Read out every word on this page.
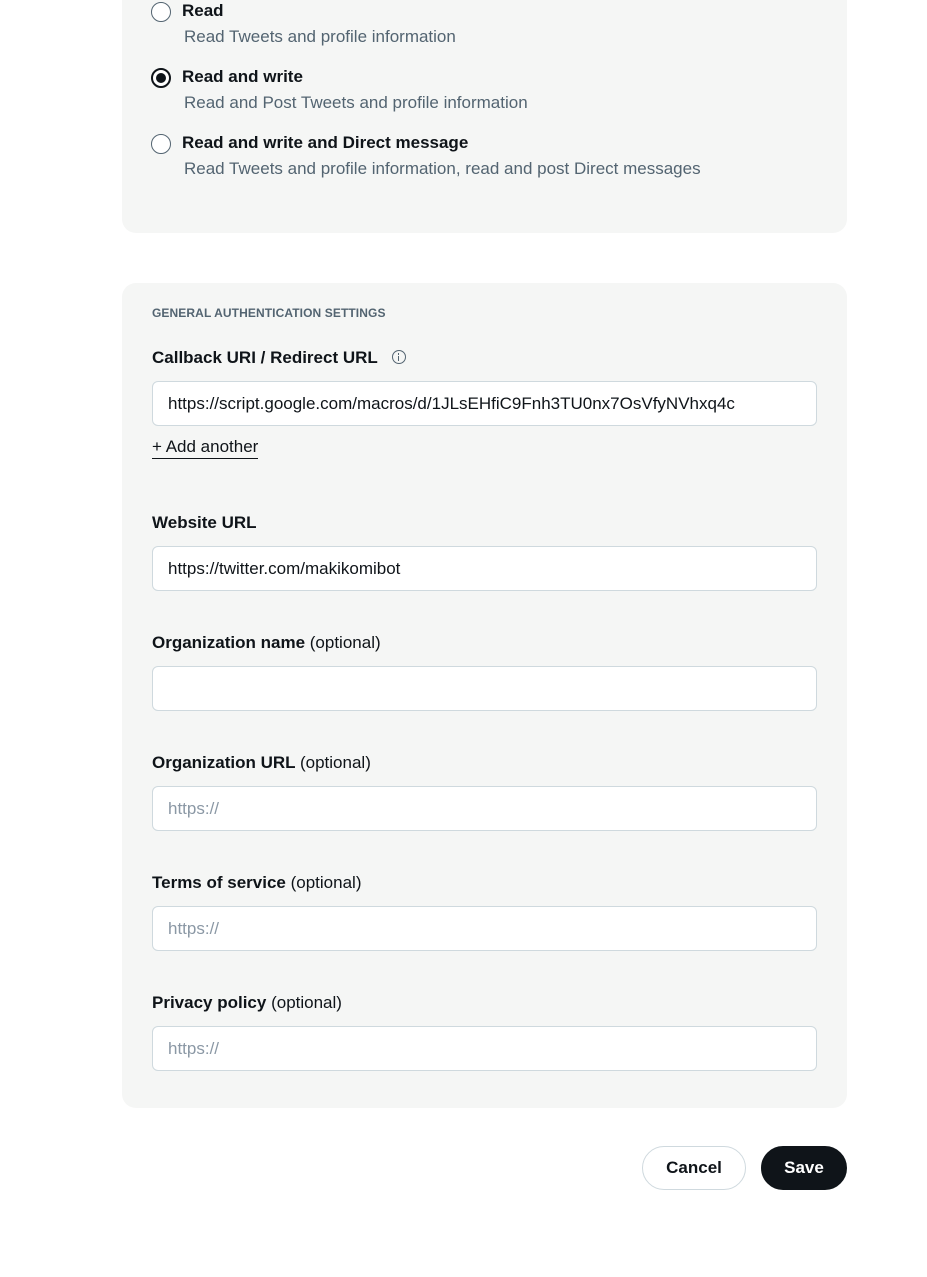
Read
Read Tweets and profile information
Read and write
Read and Post Tweets and profile information
Read and write and Direct message
Read Tweets and profile information, read and post Direct messages
GENERAL AUTHENTICATION SETTINGS
Callback URI / Redirect URL
https://script.google.com/macros/d/1JLsEHfiC9Fnh3TU0nx7OsVfyNVhxq4c
+ Add another
Website URL
https://twitter.com/makikomibot
Organization name (optional)
Organization URL (optional)
https://
Terms of service (optional)
https://
Privacy policy (optional)
https://
Cancel	Save
